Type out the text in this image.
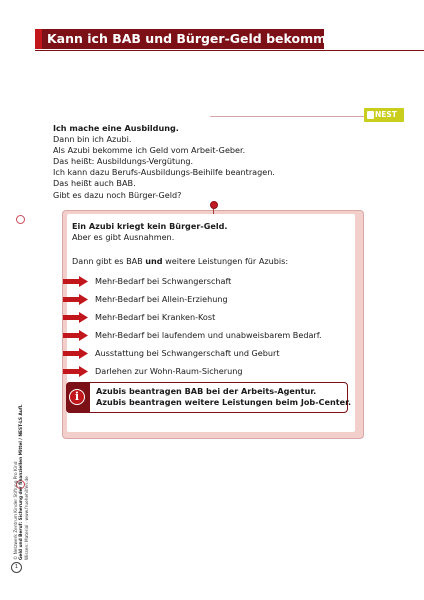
Kann ich BAB und Bürger-Geld bekommen?
NEST
Ich mache eine Ausbildung.
Dann bin ich Azubi.
Als Azubi bekomme ich Geld vom Arbeit-Geber.
Das heißt: Ausbildungs-Vergütung.
Ich kann dazu Berufs-Ausbildungs-Beihilfe beantragen.
Das heißt auch BAB.
Gibt es dazu noch Bürger-Geld?
Ein Azubi kriegt kein Bürger-Geld.
Aber es gibt Ausnahmen.
Dann gibt es BAB und weitere Leistungen für Azubis:
Mehr-Bedarf bei Schwangerschaft
Mehr-Bedarf bei Allein-Erziehung
Mehr-Bedarf bei Kranken-Kost
Mehr-Bedarf bei laufendem und unabweisbarem Bedarf.
Ausstattung bei Schwangerschaft und Geburt
Darlehen zur Wohn-Raum-Sicherung
i	Azubis beantragen BAB bei der Arbeits-Agentur.
Azubis beantragen weitere Leistungen beim Job-Center.
1
© Netzwerk Zentrum Kinder Stiftung Pro Kind Geld und Beruf: Sicherung der finanziellen Mittel / NEST-LS Aufl. Wissen: Material · www.fruehehilfen.de
